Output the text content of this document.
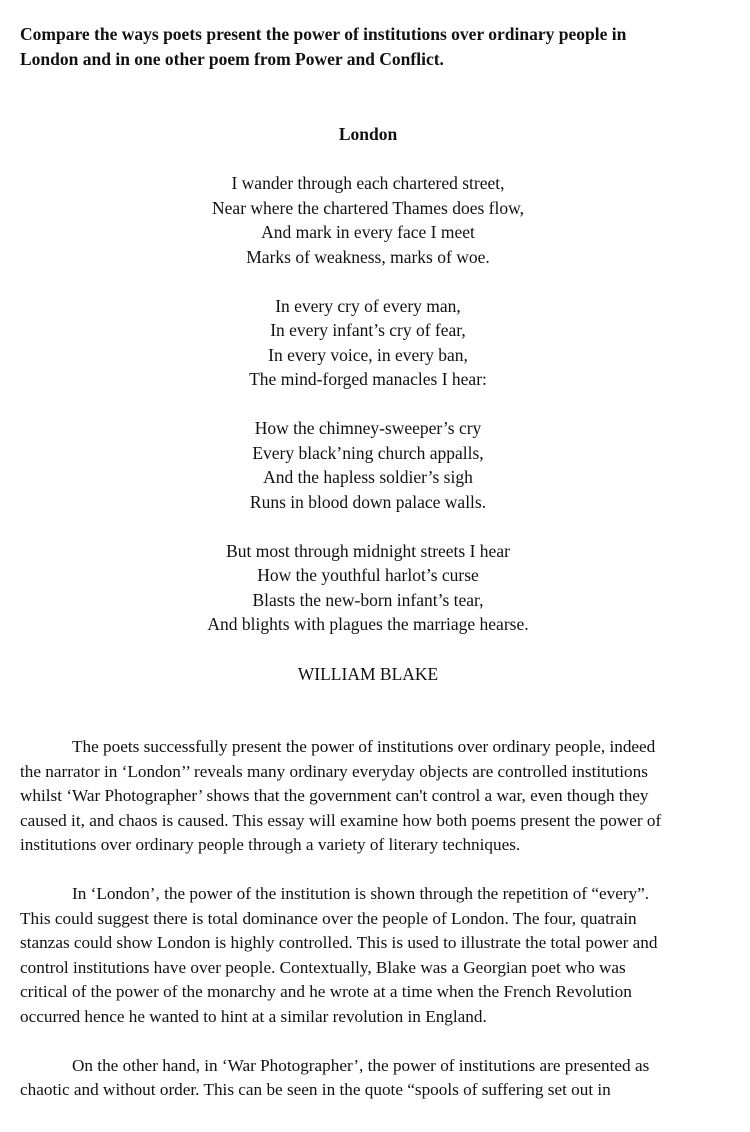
Compare the ways poets present the power of institutions over ordinary people in
London and in one other poem from Power and Conflict.
London
I wander through each chartered street,
Near where the chartered Thames does flow,
And mark in every face I meet
Marks of weakness, marks of woe.
In every cry of every man,
In every infant’s cry of fear,
In every voice, in every ban,
The mind-forged manacles I hear:
How the chimney-sweeper’s cry
Every black’ning church appalls,
And the hapless soldier’s sigh
Runs in blood down palace walls.
But most through midnight streets I hear
How the youthful harlot’s curse
Blasts the new-born infant’s tear,
And blights with plagues the marriage hearse.
WILLIAM BLAKE
The poets successfully present the power of institutions over ordinary people, indeed
the narrator in ‘London’’ reveals many ordinary everyday objects are controlled institutions
whilst ‘War Photographer’ shows that the government can't control a war, even though they
caused it, and chaos is caused. This essay will examine how both poems present the power of
institutions over ordinary people through a variety of literary techniques.
In ‘London’, the power of the institution is shown through the repetition of “every”.
This could suggest there is total dominance over the people of London. The four, quatrain
stanzas could show London is highly controlled. This is used to illustrate the total power and
control institutions have over people. Contextually, Blake was a Georgian poet who was
critical of the power of the monarchy and he wrote at a time when the French Revolution
occurred hence he wanted to hint at a similar revolution in England.
On the other hand, in ‘War Photographer’, the power of institutions are presented as
chaotic and without order. This can be seen in the quote “spools of suffering set out in
